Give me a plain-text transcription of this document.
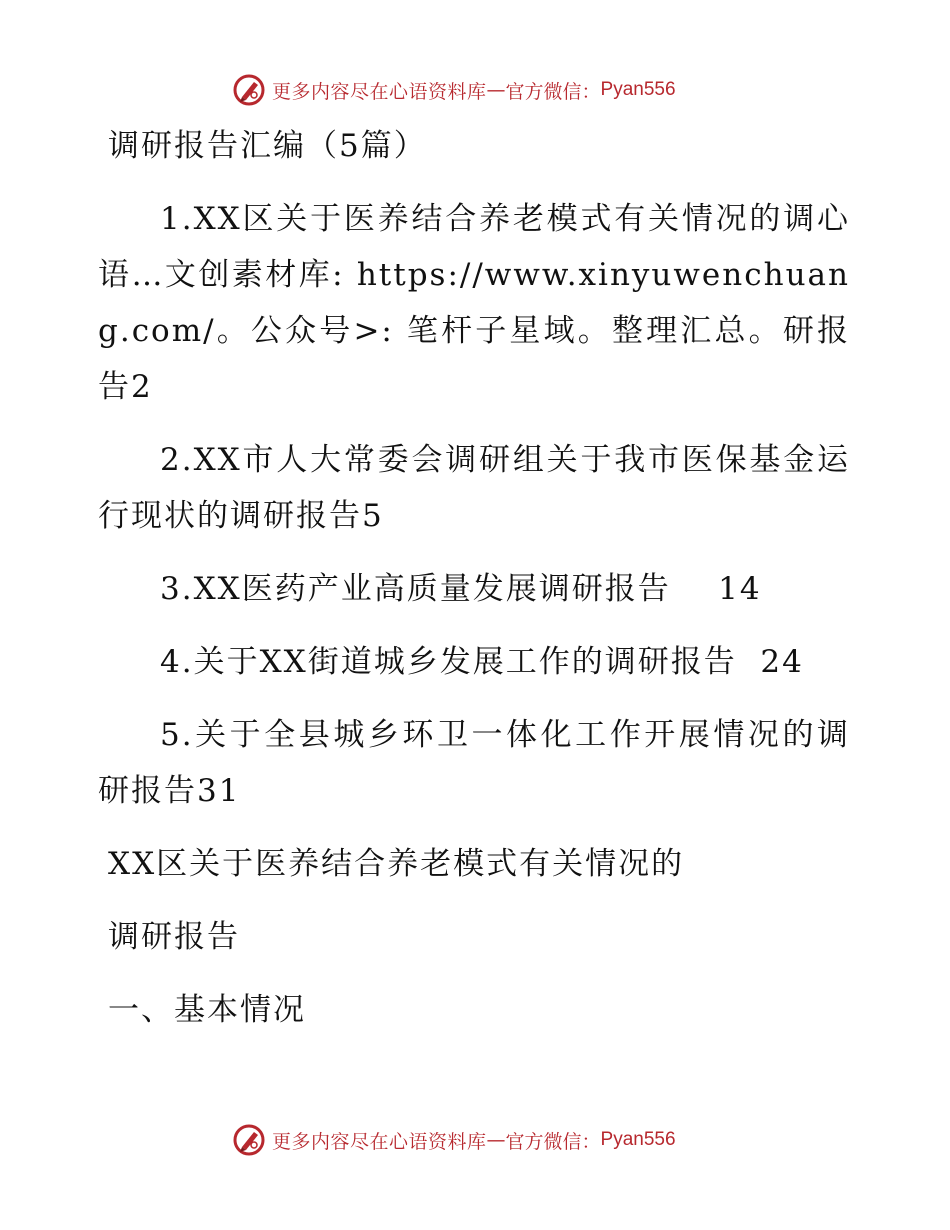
更多内容尽在心语资料库 — 官方微信： Pyan556

调研报告汇编（5篇）

1.XX区关于医养结合养老模式有关情况的调心语…文创素材库: https://www.xinyuwenchuang.com/。公众号>: 笔杆子星域。整理汇总。研报告2

2.XX市人大常委会调研组关于我市医保基金运行现状的调研报告5

3.XX医药产业高质量发展调研报告    14

4.关于XX街道城乡发展工作的调研报告  24

5.关于全县城乡环卫一体化工作开展情况的调研报告31

XX区关于医养结合养老模式有关情况的

调研报告

一、基本情况

更多内容尽在心语资料库 — 官方微信： Pyan556
